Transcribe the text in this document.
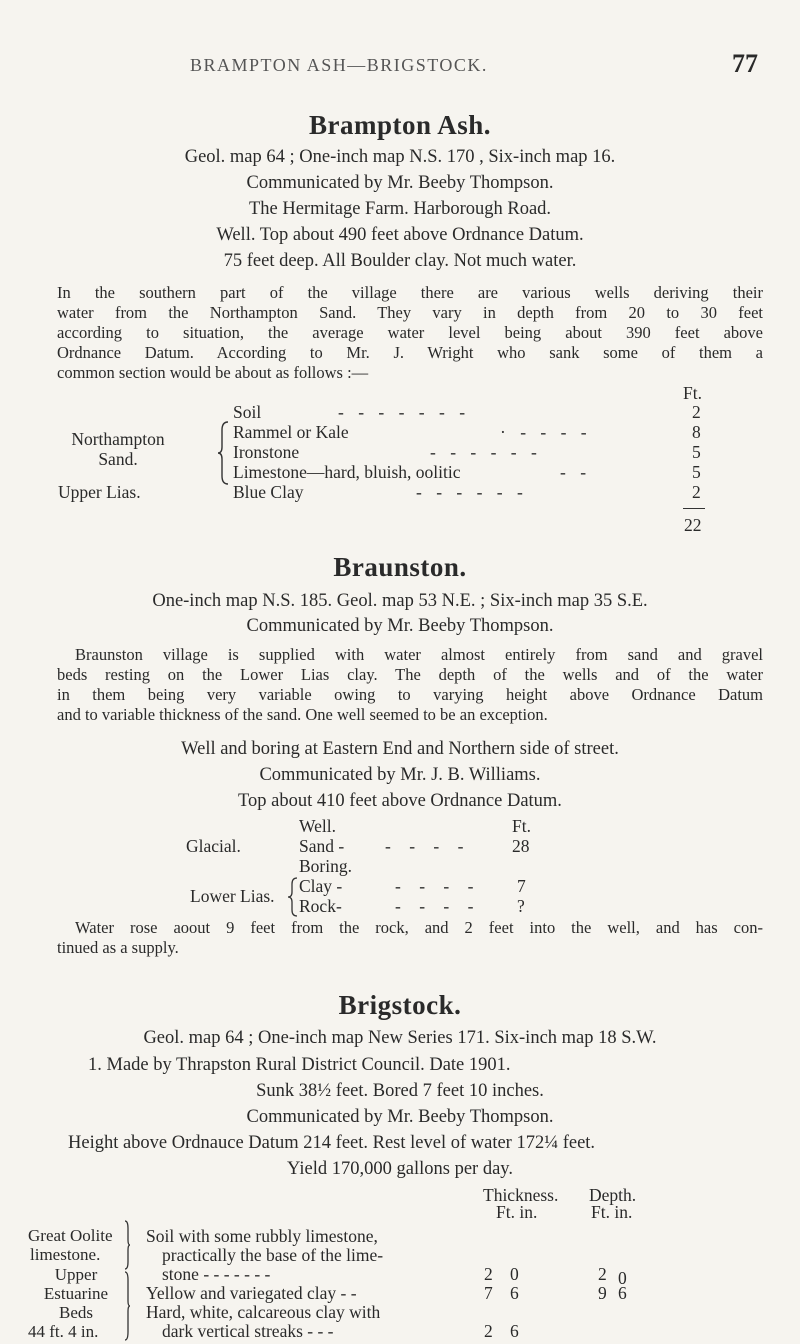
BRAMPTON ASH—BRIGSTOCK.	77
Brampton Ash.
Geol. map 64 ; One-inch map N.S. 170 , Six-inch map 16.
Communicated by Mr. Beeby Thompson.
The Hermitage Farm. Harborough Road.
Well. Top about 490 feet above Ordnance Datum.
75 feet deep. All Boulder clay. Not much water.
In the southern part of the village there are various wells deriving their
water from the Northampton Sand. They vary in depth from 20 to 30 feet
according to situation, the average water level being about 390 feet above
Ordnance Datum. According to Mr. J. Wright who sank some of them a
common section would be about as follows :—
Ft.
Soil	- - - - - - -	2
Northampton
Sand.
Rammel or Kale	· - - - -	8
Ironstone	- - - - - -	5
Limestone—hard, bluish, oolitic	- -	5
Upper Lias.	Blue Clay	- - - - - -	2
22
Braunston.
One-inch map N.S. 185. Geol. map 53 N.E. ; Six-inch map 35 S.E.
Communicated by Mr. Beeby Thompson.
Braunston village is supplied with water almost entirely from sand and gravel
beds resting on the Lower Lias clay. The depth of the wells and of the water
in them being very variable owing to varying height above Ordnance Datum
and to variable thickness of the sand. One well seemed to be an exception.
Well and boring at Eastern End and Northern side of street.
Communicated by Mr. J. B. Williams.
Top about 410 feet above Ordnance Datum.
Well.	Ft.
Glacial.	Sand - - - - - 28
Boring.
Lower Lias. Clay -	- - - - 7
Rock-	- - - - ?
Water rose aoout 9 feet from the rock, and 2 feet into the well, and has con-
tinued as a supply.
Brigstock.
Geol. map 64 ; One-inch map New Series 171. Six-inch map 18 S.W.
1. Made by Thrapston Rural District Council. Date 1901.
Sunk 38½ feet. Bored 7 feet 10 inches.
Communicated by Mr. Beeby Thompson.
Height above Ordnauce Datum 214 feet. Rest level of water 172¼ feet.
Yield 170,000 gallons per day.
Thickness. Depth.
Ft. in.	Ft. in.
Great Oolite
limestone.
Upper
Estuarine
Beds
44 ft. 4 in.
Soil with some rubbly limestone,
practically the base of the lime-
stone - - - - - - -	2 0	2 0
Yellow and variegated clay - -	7 6	9 6
Hard, white, calcareous clay with
dark vertical streaks - - -	2 6
